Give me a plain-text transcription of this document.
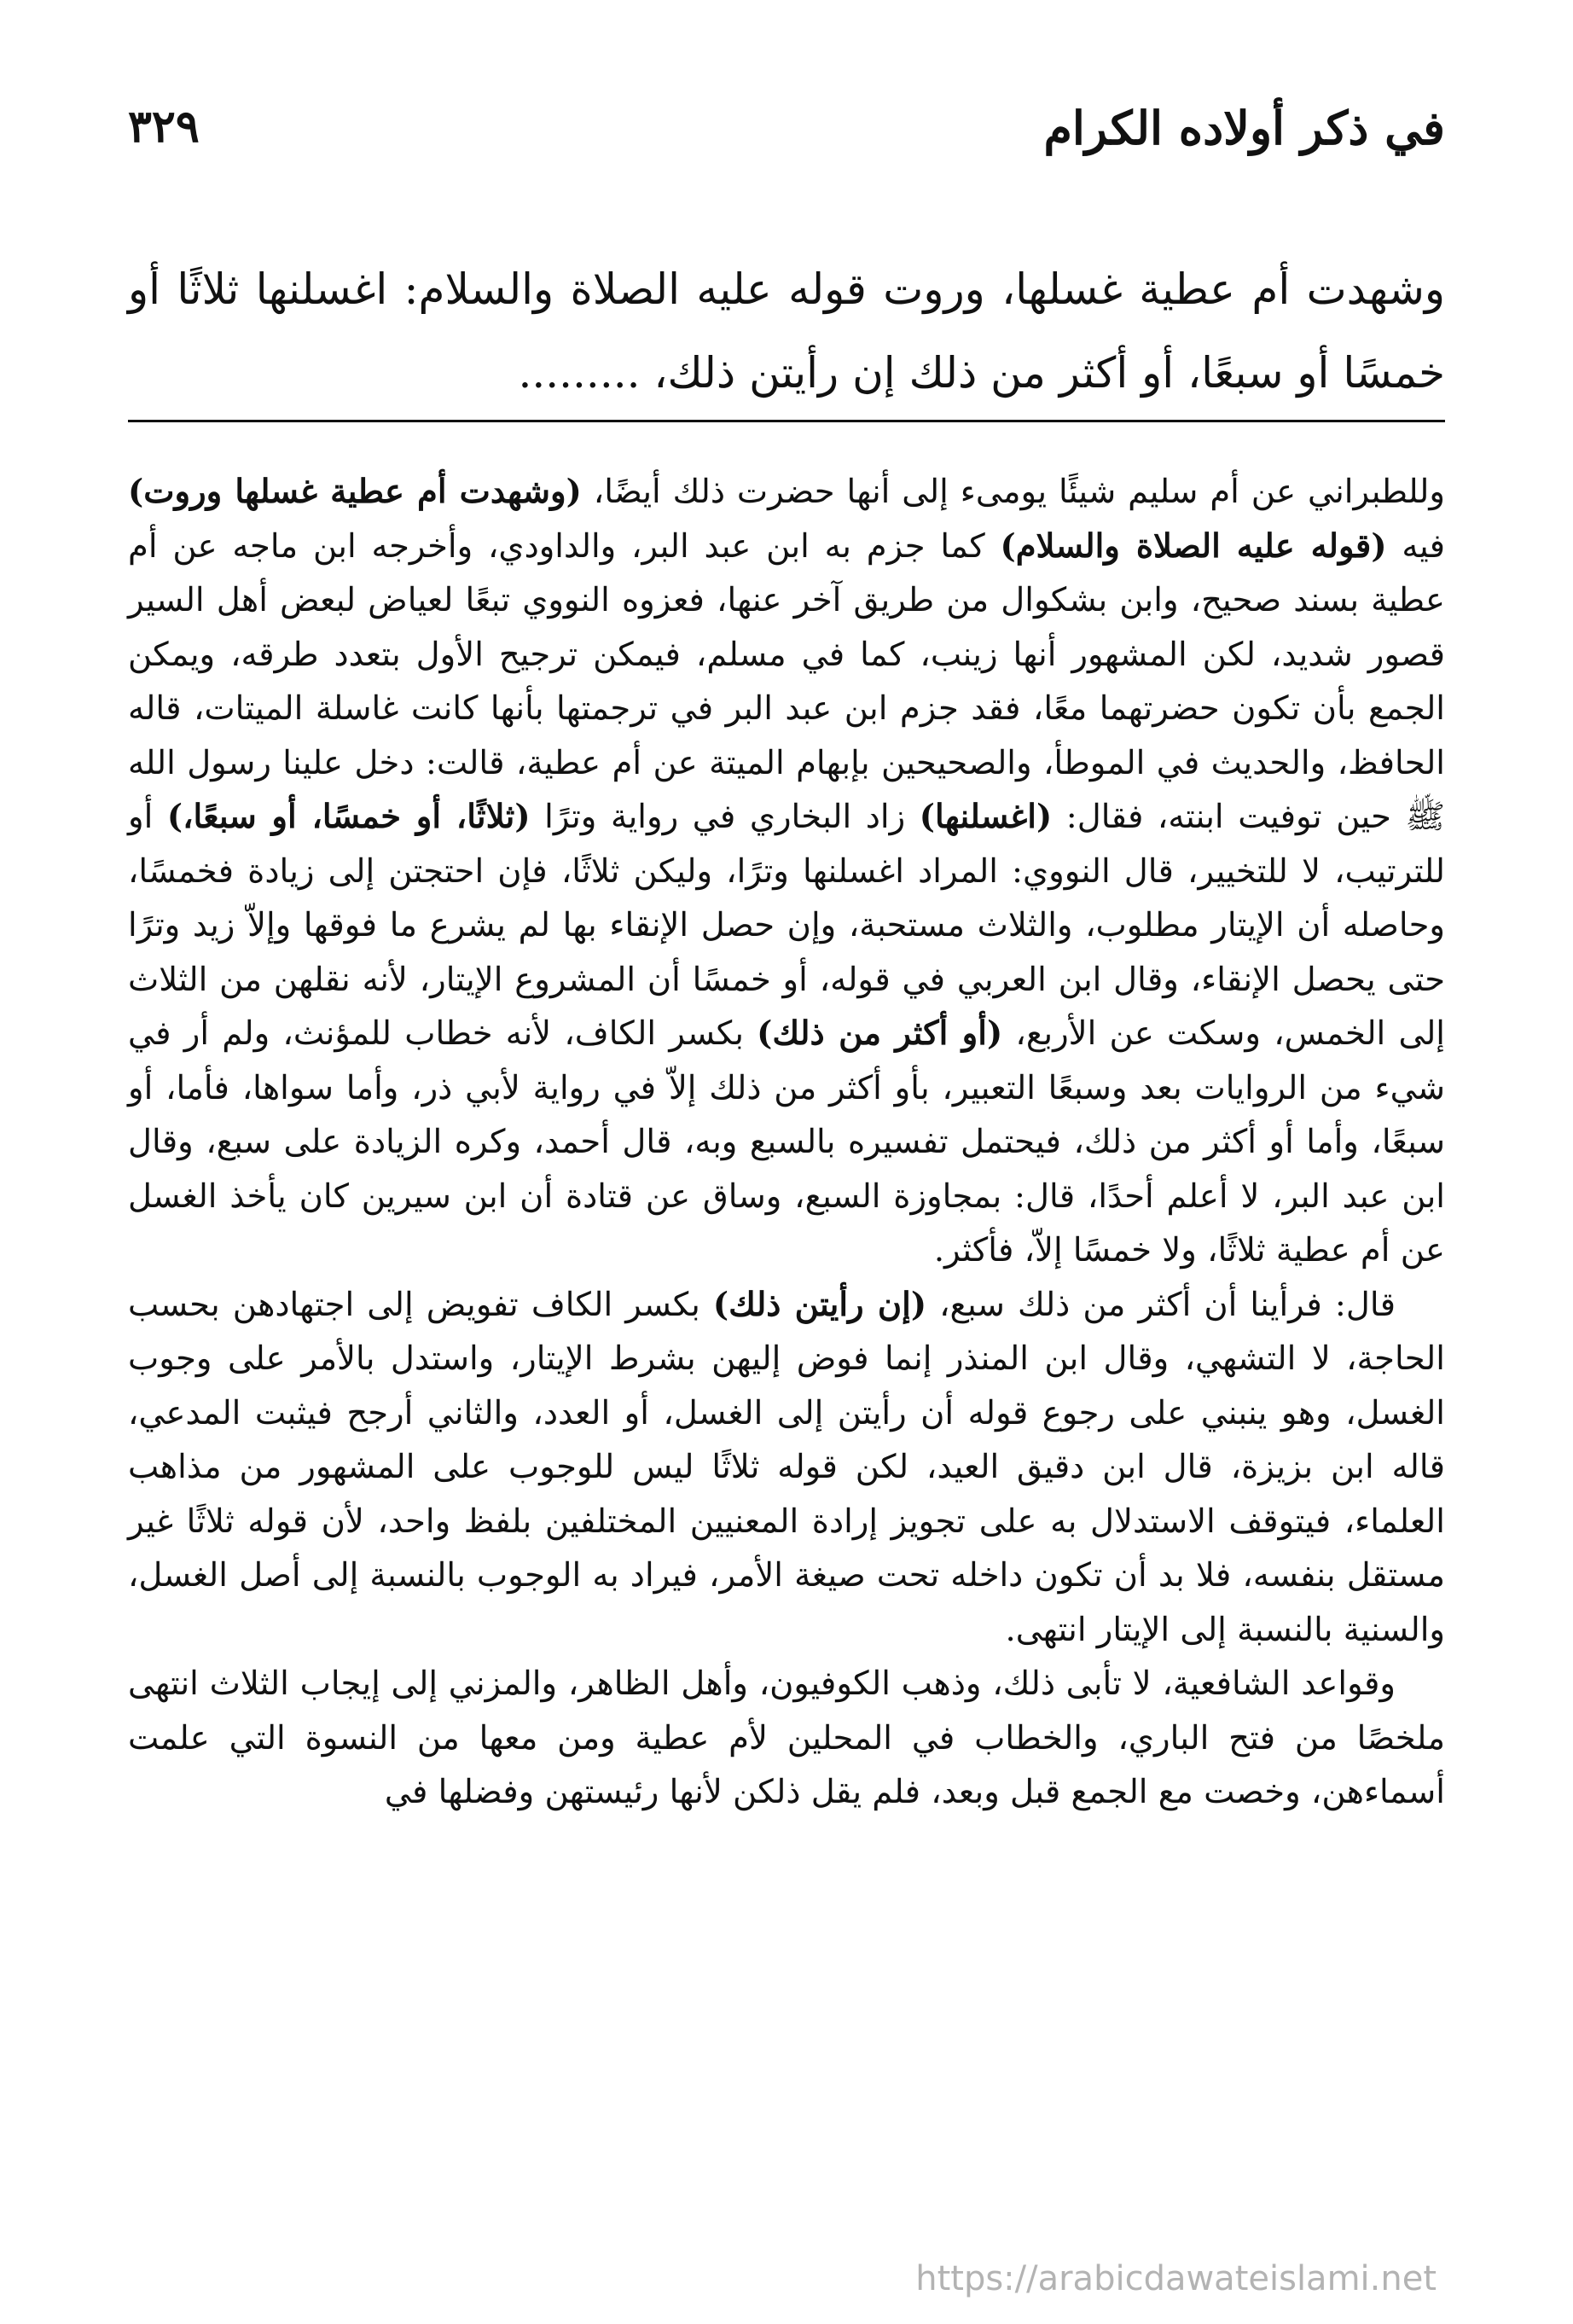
في ذكر أولاده الكرام
٣٢٩
وشهدت أم عطية غسلها، وروت قوله عليه الصلاة والسلام: اغسلنها ثلاثًا أو خمسًا أو سبعًا، أو أكثر من ذلك إن رأيتن ذلك، .........

وللطبراني عن أم سليم شيئًا يومىء إلى أنها حضرت ذلك أيضًا، (وشهدت أم عطية غسلها وروت) فيه (قوله عليه الصلاة والسلام) كما جزم به ابن عبد البر، والداودي، وأخرجه ابن ماجه عن أم عطية بسند صحيح، وابن بشكوال من طريق آخر عنها، فعزوه النووي تبعًا لعياض لبعض أهل السير قصور شديد، لكن المشهور أنها زينب، كما في مسلم، فيمكن ترجيح الأول بتعدد طرقه، ويمكن الجمع بأن تكون حضرتهما معًا، فقد جزم ابن عبد البر في ترجمتها بأنها كانت غاسلة الميتات، قاله الحافظ، والحديث في الموطأ، والصحيحين بإبهام الميتة عن أم عطية، قالت: دخل علينا رسول الله ﷺ حين توفيت ابنته، فقال: (اغسلنها) زاد البخاري في رواية وترًا (ثلاثًا، أو خمسًا، أو سبعًا،) أو للترتيب، لا للتخيير، قال النووي: المراد اغسلنها وترًا، وليكن ثلاثًا، فإن احتجتن إلى زيادة فخمسًا، وحاصله أن الإيتار مطلوب، والثلاث مستحبة، وإن حصل الإنقاء بها لم يشرع ما فوقها وإلاّ زيد وترًا حتى يحصل الإنقاء، وقال ابن العربي في قوله، أو خمسًا أن المشروع الإيتار، لأنه نقلهن من الثلاث إلى الخمس، وسكت عن الأربع، (أو أكثر من ذلك) بكسر الكاف، لأنه خطاب للمؤنث، ولم أر في شيء من الروايات بعد وسبعًا التعبير، بأو أكثر من ذلك إلاّ في رواية لأبي ذر، وأما سواها، فأما، أو سبعًا، وأما أو أكثر من ذلك، فيحتمل تفسيره بالسبع وبه، قال أحمد، وكره الزيادة على سبع، وقال ابن عبد البر، لا أعلم أحدًا، قال: بمجاوزة السبع، وساق عن قتادة أن ابن سيرين كان يأخذ الغسل عن أم عطية ثلاثًا، ولا خمسًا إلاّ، فأكثر.

قال: فرأينا أن أكثر من ذلك سبع، (إن رأيتن ذلك) بكسر الكاف تفويض إلى اجتهادهن بحسب الحاجة، لا التشهي، وقال ابن المنذر إنما فوض إليهن بشرط الإيتار، واستدل بالأمر على وجوب الغسل، وهو ينبني على رجوع قوله أن رأيتن إلى الغسل، أو العدد، والثاني أرجح فيثبت المدعي، قاله ابن بزيزة، قال ابن دقيق العيد، لكن قوله ثلاثًا ليس للوجوب على المشهور من مذاهب العلماء، فيتوقف الاستدلال به على تجويز إرادة المعنيين المختلفين بلفظ واحد، لأن قوله ثلاثًا غير مستقل بنفسه، فلا بد أن تكون داخله تحت صيغة الأمر، فيراد به الوجوب بالنسبة إلى أصل الغسل، والسنية بالنسبة إلى الإيتار انتهى.

وقواعد الشافعية، لا تأبى ذلك، وذهب الكوفيون، وأهل الظاهر، والمزني إلى إيجاب الثلاث انتهى ملخصًا من فتح الباري، والخطاب في المحلين لأم عطية ومن معها من النسوة التي علمت أسماءهن، وخصت مع الجمع قبل وبعد، فلم يقل ذلكن لأنها رئيستهن وفضلها في

https://arabicdawateislami.net
